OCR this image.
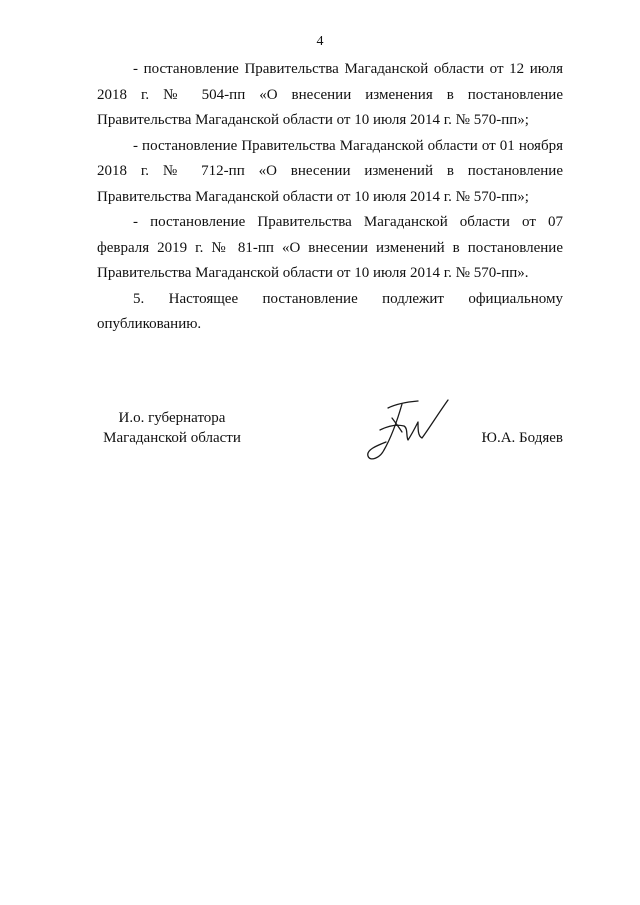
4

- постановление Правительства Магаданской области от 12 июля 2018 г. № 504-пп «О внесении изменения в постановление Правительства Магаданской области от 10 июля 2014 г. № 570-пп»;

- постановление Правительства Магаданской области от 01 ноября 2018 г. № 712-пп «О внесении изменений в постановление Правительства Магаданской области от 10 июля 2014 г. № 570-пп»;

- постановление Правительства Магаданской области от 07 февраля 2019 г. № 81-пп «О внесении изменений в постановление Правительства Магаданской области от 10 июля 2014 г. № 570-пп».

5. Настоящее постановление подлежит официальному опубликованию.

И.о. губернатора
Магаданской области	Ю.А. Бодяев
